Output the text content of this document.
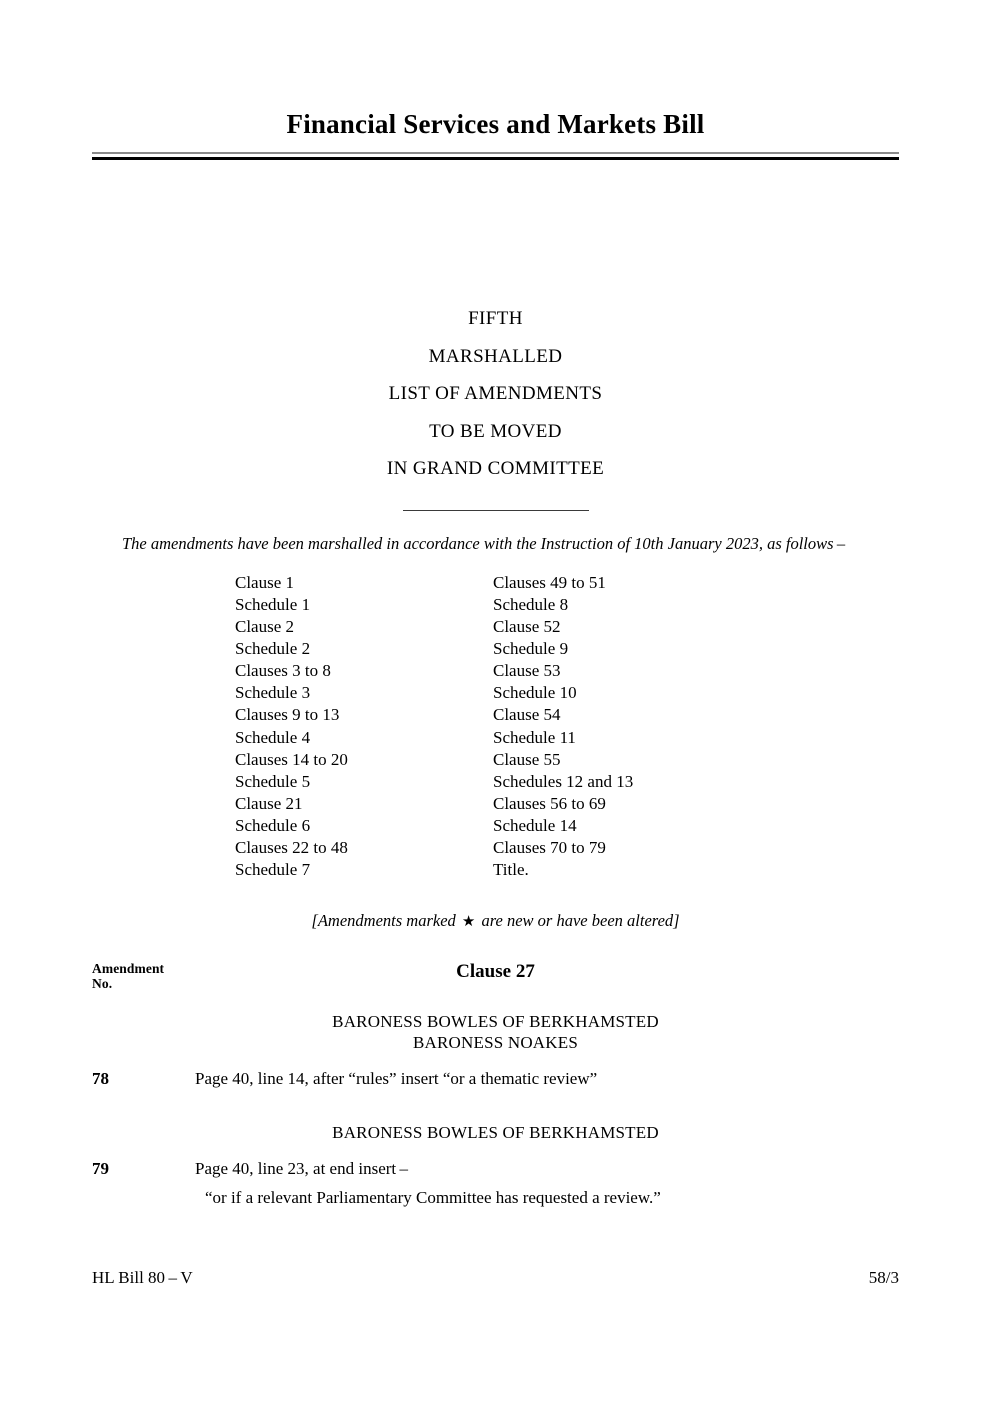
Financial Services and Markets Bill
FIFTH
MARSHALLED
LIST OF AMENDMENTS
TO BE MOVED
IN GRAND COMMITTEE

The amendments have been marshalled in accordance with the Instruction of 10th January 2023, as follows –

Clause 1
Schedule 1
Clause 2
Schedule 2
Clauses 3 to 8
Schedule 3
Clauses 9 to 13
Schedule 4
Clauses 14 to 20
Schedule 5
Clause 21
Schedule 6
Clauses 22 to 48
Schedule 7
Clauses 49 to 51
Schedule 8
Clause 52
Schedule 9
Clause 53
Schedule 10
Clause 54
Schedule 11
Clause 55
Schedules 12 and 13
Clauses 56 to 69
Schedule 14
Clauses 70 to 79
Title.
[Amendments marked ★ are new or have been altered]
Amendment
No.
Clause 27
BARONESS BOWLES OF BERKHAMSTED
BARONESS NOAKES
78	Page 40, line 14, after “rules” insert “or a thematic review”
BARONESS BOWLES OF BERKHAMSTED
79	Page 40, line 23, at end insert –
“or if a relevant Parliamentary Committee has requested a review.”
HL Bill 80 – V	58/3
